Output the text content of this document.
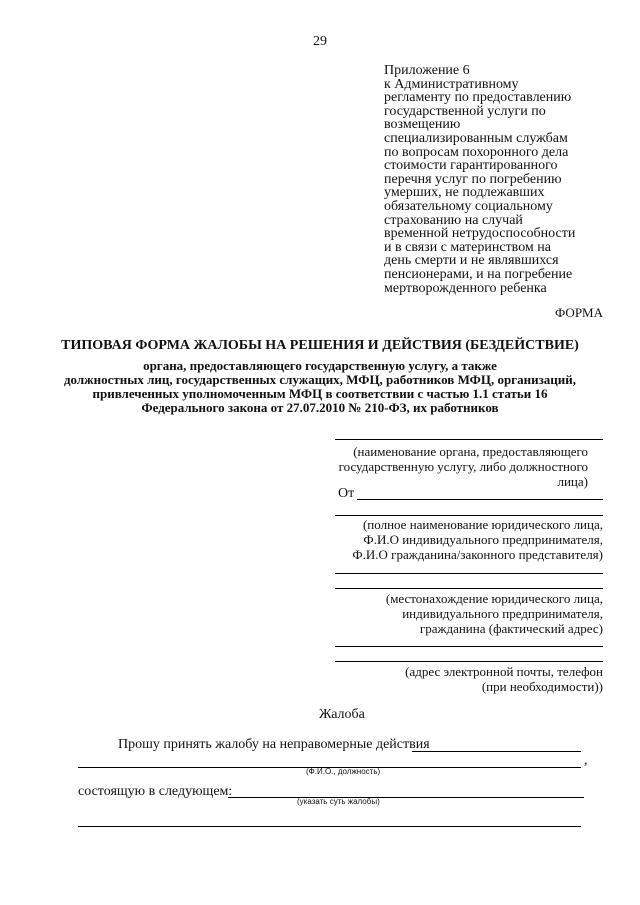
29
Приложение 6
к Административному
регламенту по предоставлению
государственной услуги по
возмещению
специализированным службам
по вопросам похоронного дела
стоимости гарантированного
перечня услуг по погребению
умерших, не подлежавших
обязательному социальному
страхованию на случай
временной нетрудоспособности
и в связи с материнством на
день смерти и не являвшихся
пенсионерами, и на погребение
мертворожденного ребенка
ФОРМА
ТИПОВАЯ ФОРМА ЖАЛОБЫ НА РЕШЕНИЯ И ДЕЙСТВИЯ (БЕЗДЕЙСТВИЕ)
органа, предоставляющего государственную услугу, а также
должностных лиц, государственных служащих, МФЦ, работников МФЦ, организаций,
привлеченных уполномоченным МФЦ в соответствии с частью 1.1 статьи 16
Федерального закона от 27.07.2010 № 210-ФЗ, их работников
(наименование органа, предоставляющего
государственную услугу, либо должностного
лица)
От
(полное наименование юридического лица,
Ф.И.О индивидуального предпринимателя,
Ф.И.О гражданина/законного представителя)
(местонахождение юридического лица,
индивидуального предпринимателя,
гражданина (фактический адрес)
(адрес электронной почты, телефон
(при необходимости))
Жалоба
Прошу принять жалобу на неправомерные действия
,
(Ф.И.О., должность)
состоящую в следующем:
(указать суть жалобы)
